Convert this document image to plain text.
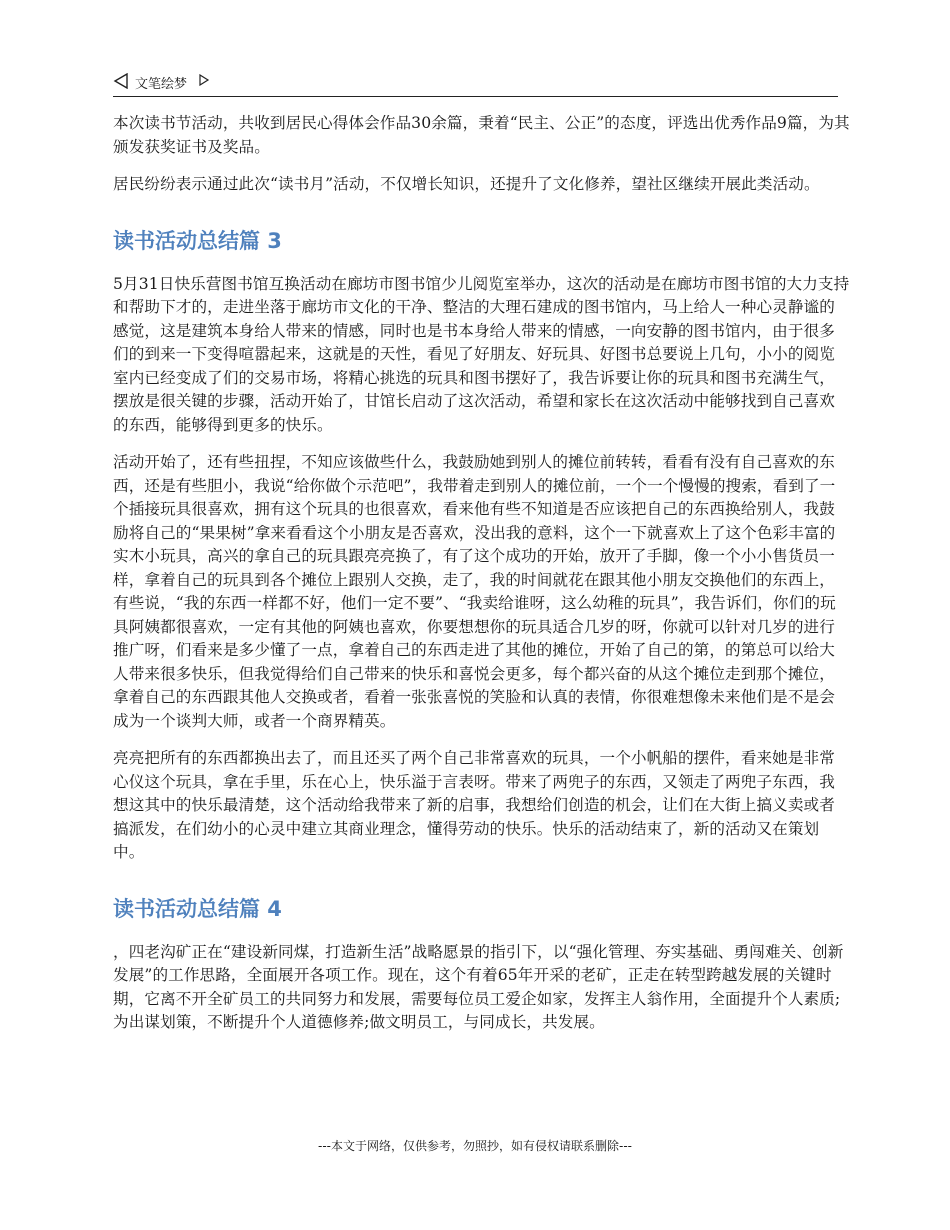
文笔绘梦

本次读书节活动，共收到居民心得体会作品30余篇，秉着“民主、公正”的态度，评选出优秀作品9篇，为其颁发获奖证书及奖品。

居民纷纷表示通过此次“读书月”活动，不仅增长知识，还提升了文化修养，望社区继续开展此类活动。

读书活动总结篇 3

5月31日快乐营图书馆互换活动在廊坊市图书馆少儿阅览室举办，这次的活动是在廊坊市图书馆的大力支持和帮助下才的，走进坐落于廊坊市文化的干净、整洁的大理石建成的图书馆内，马上给人一种心灵静谧的感觉，这是建筑本身给人带来的情感，同时也是书本身给人带来的情感，一向安静的图书馆内，由于很多们的到来一下变得喧嚣起来，这就是的天性，看见了好朋友、好玩具、好图书总要说上几句，小小的阅览室内已经变成了们的交易市场，将精心挑选的玩具和图书摆好了，我告诉要让你的玩具和图书充满生气，摆放是很关键的步骤，活动开始了，甘馆长启动了这次活动，希望和家长在这次活动中能够找到自己喜欢的东西，能够得到更多的快乐。

活动开始了，还有些扭捏，不知应该做些什么，我鼓励她到别人的摊位前转转，看看有没有自己喜欢的东西，还是有些胆小，我说“给你做个示范吧”，我带着走到别人的摊位前，一个一个慢慢的搜索，看到了一个插接玩具很喜欢，拥有这个玩具的也很喜欢，看来他有些不知道是否应该把自己的东西换给别人，我鼓励将自己的“果果树”拿来看看这个小朋友是否喜欢，没出我的意料，这个一下就喜欢上了这个色彩丰富的实木小玩具，高兴的拿自己的玩具跟亮亮换了，有了这个成功的开始，放开了手脚，像一个小小售货员一样，拿着自己的玩具到各个摊位上跟别人交换，走了，我的时间就花在跟其他小朋友交换他们的东西上，有些说，“我的东西一样都不好，他们一定不要”、“我卖给谁呀，这么幼稚的玩具”，我告诉们，你们的玩具阿姨都很喜欢，一定有其他的阿姨也喜欢，你要想想你的玩具适合几岁的呀，你就可以针对几岁的进行推广呀，们看来是多少懂了一点，拿着自己的东西走进了其他的摊位，开始了自己的第，的第总可以给大人带来很多快乐，但我觉得给们自己带来的快乐和喜悦会更多，每个都兴奋的从这个摊位走到那个摊位，拿着自己的东西跟其他人交换或者，看着一张张喜悦的笑脸和认真的表情，你很难想像未来他们是不是会成为一个谈判大师，或者一个商界精英。

亮亮把所有的东西都换出去了，而且还买了两个自己非常喜欢的玩具，一个小帆船的摆件，看来她是非常心仪这个玩具，拿在手里，乐在心上，快乐溢于言表呀。带来了两兜子的东西，又领走了两兜子东西，我想这其中的快乐最清楚，这个活动给我带来了新的启事，我想给们创造的机会，让们在大街上搞义卖或者搞派发，在们幼小的心灵中建立其商业理念，懂得劳动的快乐。快乐的活动结束了，新的活动又在策划中。

读书活动总结篇 4

，四老沟矿正在“建设新同煤，打造新生活”战略愿景的指引下，以“强化管理、夯实基础、勇闯难关、创新发展”的工作思路，全面展开各项工作。现在，这个有着65年开采的老矿，正走在转型跨越发展的关键时期，它离不开全矿员工的共同努力和发展，需要每位员工爱企如家，发挥主人翁作用，全面提升个人素质;为出谋划策，不断提升个人道德修养;做文明员工，与同成长，共发展。

---本文于网络，仅供参考，勿照抄，如有侵权请联系删除---
